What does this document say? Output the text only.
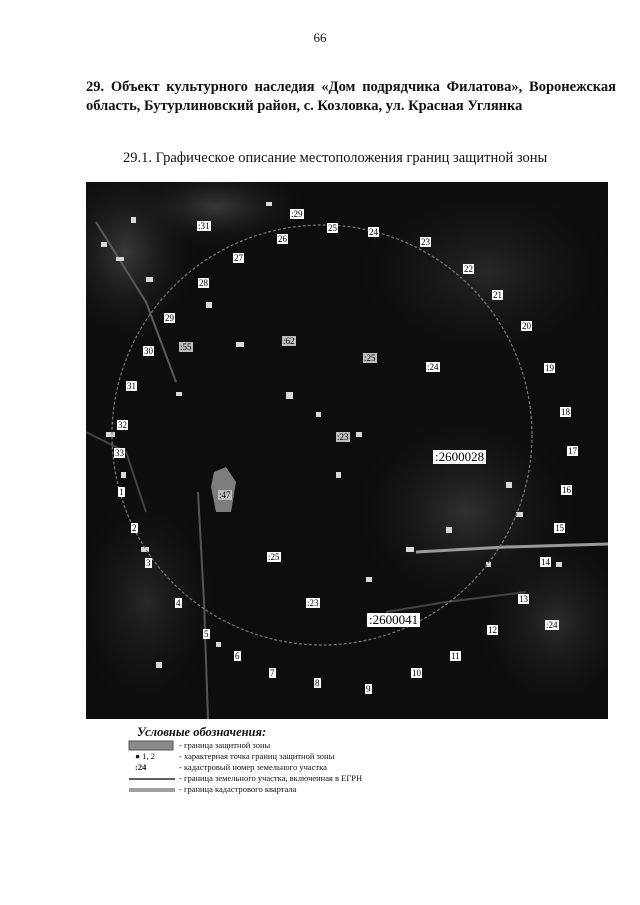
66
29. Объект культурного наследия «Дом подрядчика Филатова», Воронежская область, Бутурлиновский район, с. Козловка, ул. Красная Углянка
29.1. Графическое описание местоположения границ защитной зоны
:29
:31
26
25	24
23
27
22
28
21
29
20
30	:55
:62
:25
:24	19
31
18
32
:23
33	:2600028	17
1	:47	16
2	15
:25
3	14
4	:23	13
:2600041
12	:24
5
11
6
7	10
8
9
Условные обозначения:
- граница защитной зоны
● 1, 2	- характерная точка границ защитной зоны
:24	- кадастровый номер земельного участка
- граница земельного участка, включенная в ЕГРН
- граница кадастрового квартала
